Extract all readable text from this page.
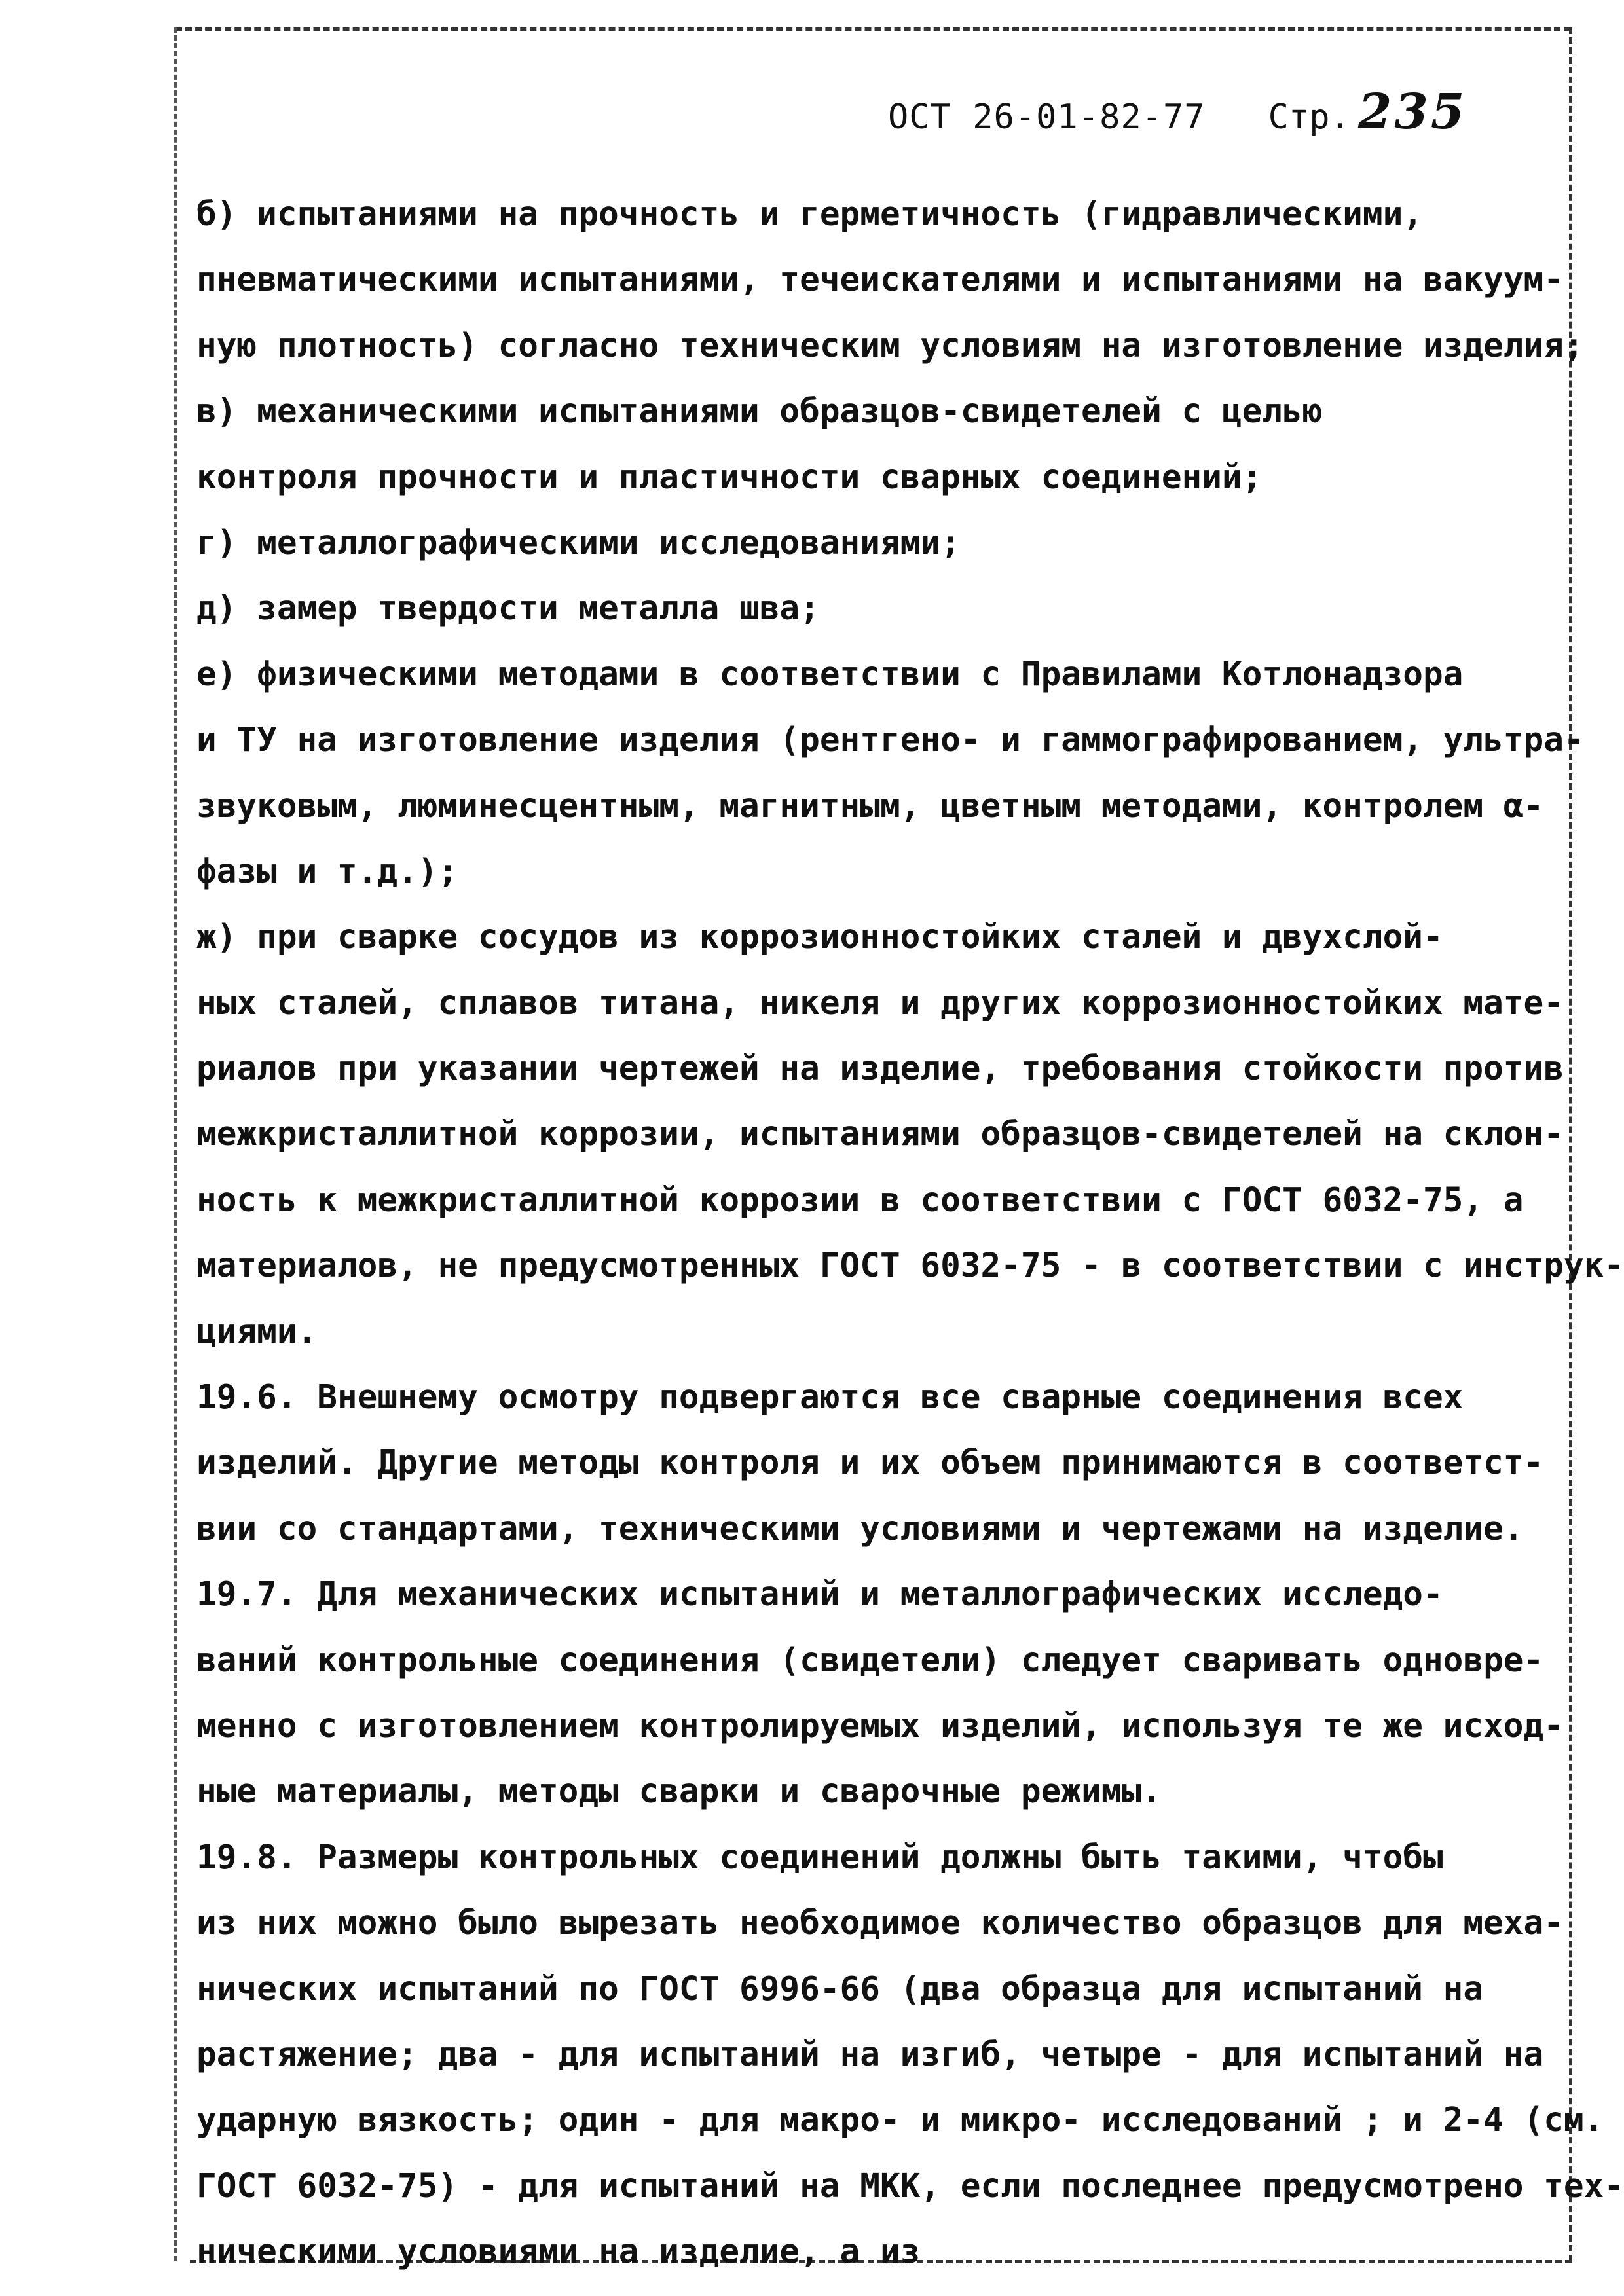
ОСТ 26-01-82-77 Стр. 235
б) испытаниями на прочность и герметичность (гидравлическими,
пневматическими испытаниями, течеискателями и испытаниями на вакуум-
ную плотность) согласно техническим условиям на изготовление изделия;
в) механическими испытаниями образцов-свидетелей с целью
контроля прочности и пластичности сварных соединений;
г) металлографическими исследованиями;
д) замер твердости металла шва;
е) физическими методами в соответствии с Правилами Котлонадзора
и ТУ на изготовление изделия (рентгено- и гаммографированием, ультра-
звуковым, люминесцентным, магнитным, цветным методами, контролем α-
фазы и т.д.);
ж) при сварке сосудов из коррозионностойких сталей и двухслой-
ных сталей, сплавов титана, никеля и других коррозионностойких мате-
риалов при указании чертежей на изделие, требования стойкости против
межкристаллитной коррозии, испытаниями образцов-свидетелей на склон-
ность к межкристаллитной коррозии в соответствии с ГОСТ 6032-75, а
материалов, не предусмотренных ГОСТ 6032-75 - в соответствии с инструк-
циями.
19.6. Внешнему осмотру подвергаются все сварные соединения всех
изделий. Другие методы контроля и их объем принимаются в соответст-
вии со стандартами, техническими условиями и чертежами на изделие.
19.7. Для механических испытаний и металлографических исследо-
ваний контрольные соединения (свидетели) следует сваривать одновре-
менно с изготовлением контролируемых изделий, используя те же исход-
ные материалы, методы сварки и сварочные режимы.
19.8. Размеры контрольных соединений должны быть такими, чтобы
из них можно было вырезать необходимое количество образцов для меха-
нических испытаний по ГОСТ 6996-66 (два образца для испытаний на
растяжение; два - для испытаний на изгиб, четыре - для испытаний на
ударную вязкость; один - для макро- и микро- исследований ; и 2-4 (см.
ГОСТ 6032-75) - для испытаний на МКК, если последнее предусмотрено тех-
ническими условиями на изделие, а из
